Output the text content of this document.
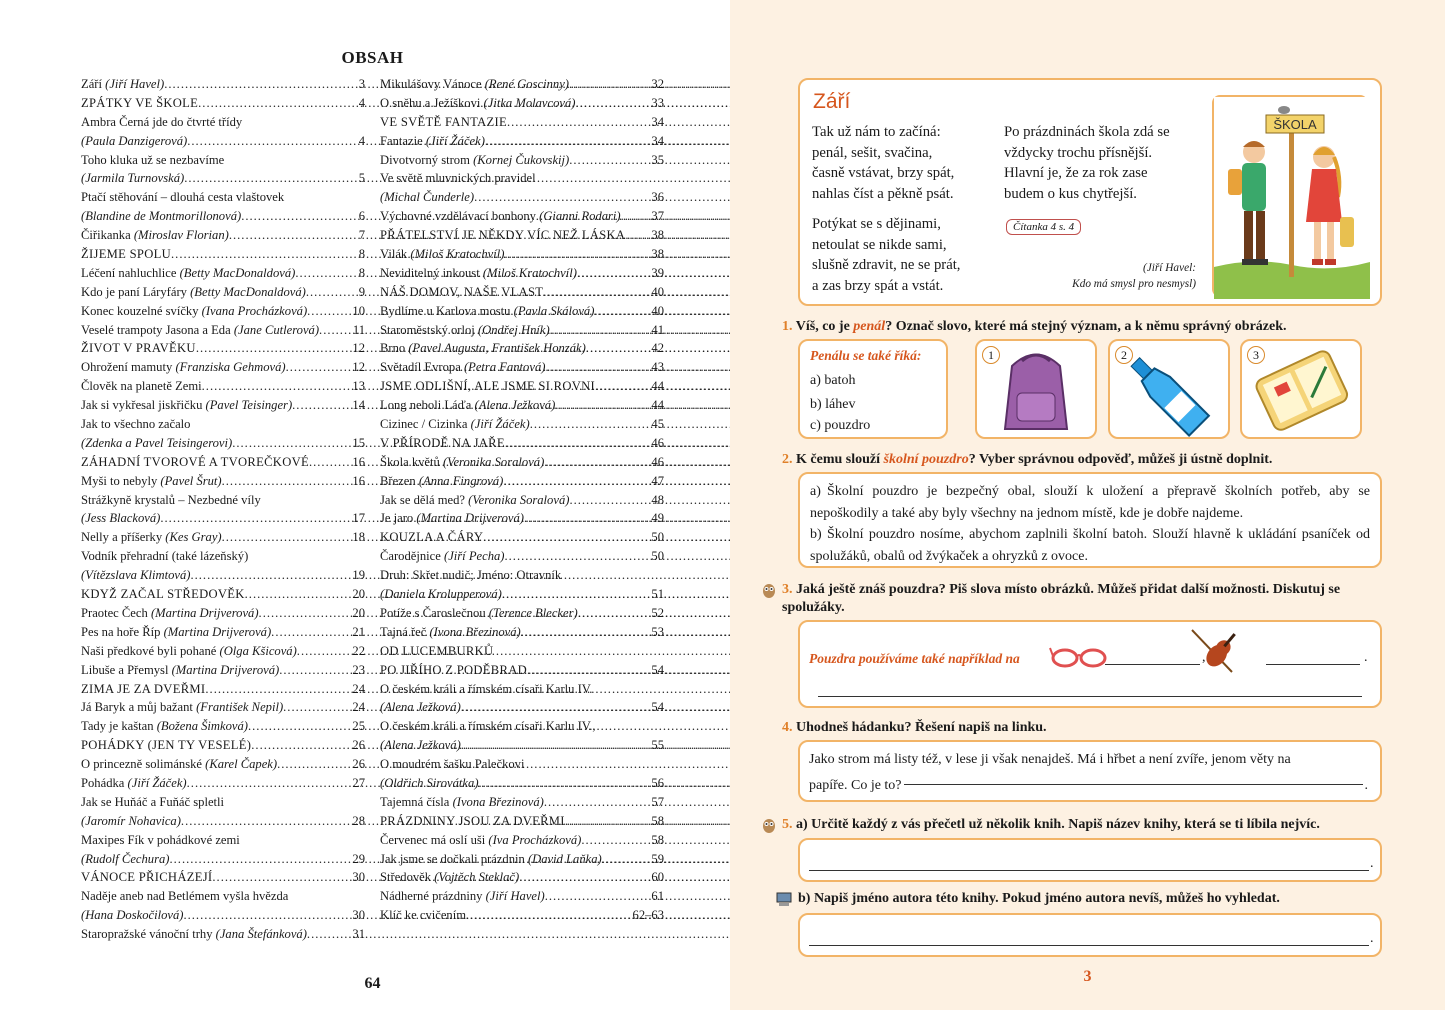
OBSAH
Září (Jiří Havel) .....	3
ZPÁTKY VE ŠKOLE .....	4
Ambra Černá jde do čtvrté třídy
(Paula Danzigerová) .....	4
Toho kluka už se nezbavíme
(Jarmila Turnovská) .....	5
Ptačí stěhování – dlouhá cesta vlaštovek
(Blandine de Montmorillonová) .....	6
Čiřikanka (Miroslav Florian) .....	7
ŽIJEME SPOLU .....	8
Léčení nahluchlice (Betty MacDonaldová) .....	8
Kdo je paní Láryfáry (Betty MacDonaldová) .....	9
Konec kouzelné svíčky (Ivana Procházková) .....	10
Veselé trampoty Jasona a Eda (Jane Cutlerová) .....	11
ŽIVOT V PRAVĚKU .....	12
Ohrožení mamuty (Franziska Gehmová) .....	12
Člověk na planetě Zemi .....	13
Jak si vykřesal jiskřičku (Pavel Teisinger) .....	14
Jak to všechno začalo
(Zdenka a Pavel Teisingerovi) .....	15
ZÁHADNÍ TVOROVÉ A TVOREČKOVÉ .....	16
Myši to nebyly (Pavel Šrut) .....	16
Strážkyně krystalů – Nezbedné víly
(Jess Blacková) .....	17
Nelly a příšerky (Kes Gray) .....	18
Vodník přehradní (také lázeňský)
(Vítězslava Klimtová) .....	19
KDYŽ ZAČAL STŘEDOVĚK .....	20
Praotec Čech (Martina Drijverová) .....	20
Pes na hoře Říp (Martina Drijverová) .....	21
Naši předkové byli pohané (Olga Kšicová) .....	22
Libuše a Přemysl (Martina Drijverová) .....	23
ZIMA JE ZA DVEŘMI .....	24
Já Baryk a můj bažant (František Nepil) .....	24
Tady je kaštan (Božena Šimková) .....	25
POHÁDKY (JEN TY VESELÉ) .....	26
O princezně solimánské (Karel Čapek) .....	26
Pohádka (Jiří Žáček) .....	27
Jak se Huňáč a Fuňáč spletli
(Jaromír Nohavica) .....	28
Maxipes Fík v pohádkové zemi
(Rudolf Čechura) .....	29
VÁNOCE PŘICHÁZEJÍ .....	30
Naděje aneb nad Betlémem vyšla hvězda
(Hana Doskočilová) .....	30
Staropražské vánoční trhy (Jana Štefánková) .....	31
Mikulášovy Vánoce (René Goscinny) .....	32
O sněhu a Ježíškovi (Jitka Molavcová) .....	33
VE SVĚTĚ FANTAZIE .....	34
Fantazie (Jiří Žáček) .....	34
Divotvorný strom (Kornej Čukovskij) .....	35
Ve světě mluvnických pravidel
(Michal Čunderle) .....	36
Výchovné vzdělávací bonbony (Gianni Rodari) ..... 37
PŘÁTELSTVÍ JE NĚKDY VÍC NEŽ LÁSKA ..... 38
Vilák (Miloš Kratochvíl) .....	38
Neviditelný inkoust (Miloš Kratochvíl) .....	39
NÁŠ DOMOV, NAŠE VLAST .....	40
Bydlíme u Karlova mostu (Pavla Skálová) .....	40
Staroměstský orloj (Ondřej Hník) .....	41
Brno (Pavel Augusta, František Honzák) .....	42
Světadíl Evropa (Petra Fantová) .....	43
JSME ODLIŠNÍ, ALE JSME SI ROVNI .....	44
Long neboli Láďa (Alena Ježková) .....	44
Cizinec / Cizinka (Jiří Žáček) .....	45
V PŘÍRODĚ NA JAŘE .....	46
Škola květů (Veronika Soralová) .....	46
Březen (Anna Fingrová) .....	47
Jak se dělá med? (Veronika Soralová) .....	48
Je jaro (Martina Drijverová) .....	49
KOUZLA A ČÁRY .....	50
Čarodějnice (Jiří Pecha) .....	50
Druh: Skřet nudič; Jméno: Otravník
(Daniela Krolupperová) .....	51
Potíže s Čaroslečnou (Terence Blecker) .....	52
Tajná řeč (Ivona Březinová) .....	53
OD LUCEMBURKŮ
PO JIŘÍHO Z PODĚBRAD .....	54
O českém králi a římském císaři Karlu IV.
(Alena Ježková) .....	54
O českém králi a římském císaři Karlu IV.,
(Alena Ježková) .....	55
O moudrém šašku Palečkovi
(Oldřich Sirovátka) .....	56
Tajemná čísla (Ivona Březinová) .....	57
PRÁZDNINY JSOU ZA DVEŘMI .....	58
Červenec má oslí uši (Iva Procházková) .....	58
Jak jsme se dočkali prázdnin (David Laňka) .....	59
Středověk (Vojtěch Steklač) .....	60
Nádherné prázdniny (Jiří Havel) .....	61
Klíč ke cvičením .....	62–63
64
Září
Tak už nám to začíná:
penál, sešit, svačina,
časně vstávat, brzy spát,
nahlas číst a pěkně psát.
Potýkat se s dějinami,
netoulat se nikde sami,
slušně zdravit, ne se prát,
a zas brzy spát a vstát.
Po prázdninách škola zdá se
vždycky trochu přísnější.
Hlavní je, že za rok zase
budem o kus chytřejší.
Čítanka 4 s. 4
(Jiří Havel:
Kdo má smysl pro nesmysl)
ŠKOLA
1. Víš, co je penál? Označ slovo, které má stejný význam, a k němu správný obrázek.
Penálu se také říká:
a) batoh
b) láhev
c) pouzdro
1	2	3
2. K čemu slouží školní pouzdro? Vyber správnou odpověď, můžeš ji ústně doplnit.
a) Školní pouzdro je bezpečný obal, slouží k uložení a přepravě školních potřeb, aby se nepoškodily a také aby byly všechny na jednom místě, kde je dobře najdeme.
b) Školní pouzdro nosíme, abychom zaplnili školní batoh. Slouží hlavně k ukládání psaníček od spolužáků, obalů od žvýkaček a ohryzků z ovoce.
3. Jaká ještě znáš pouzdra? Piš slova místo obrázků. Můžeš přidat další možnosti. Diskutuj se spolužáky.
Pouzdra používáme také například na	,	.
4. Uhodneš hádanku? Řešení napiš na linku.
Jako strom má listy též, v lese ji však nenajdeš. Má i hřbet a není zvíře, jenom věty na
papíře. Co je to?	.
5. a) Určitě každý z vás přečetl už několik knih. Napiš název knihy, která se ti líbila nejvíc.
.
b) Napiš jméno autora této knihy. Pokud jméno autora nevíš, můžeš ho vyhledat.
.
3
